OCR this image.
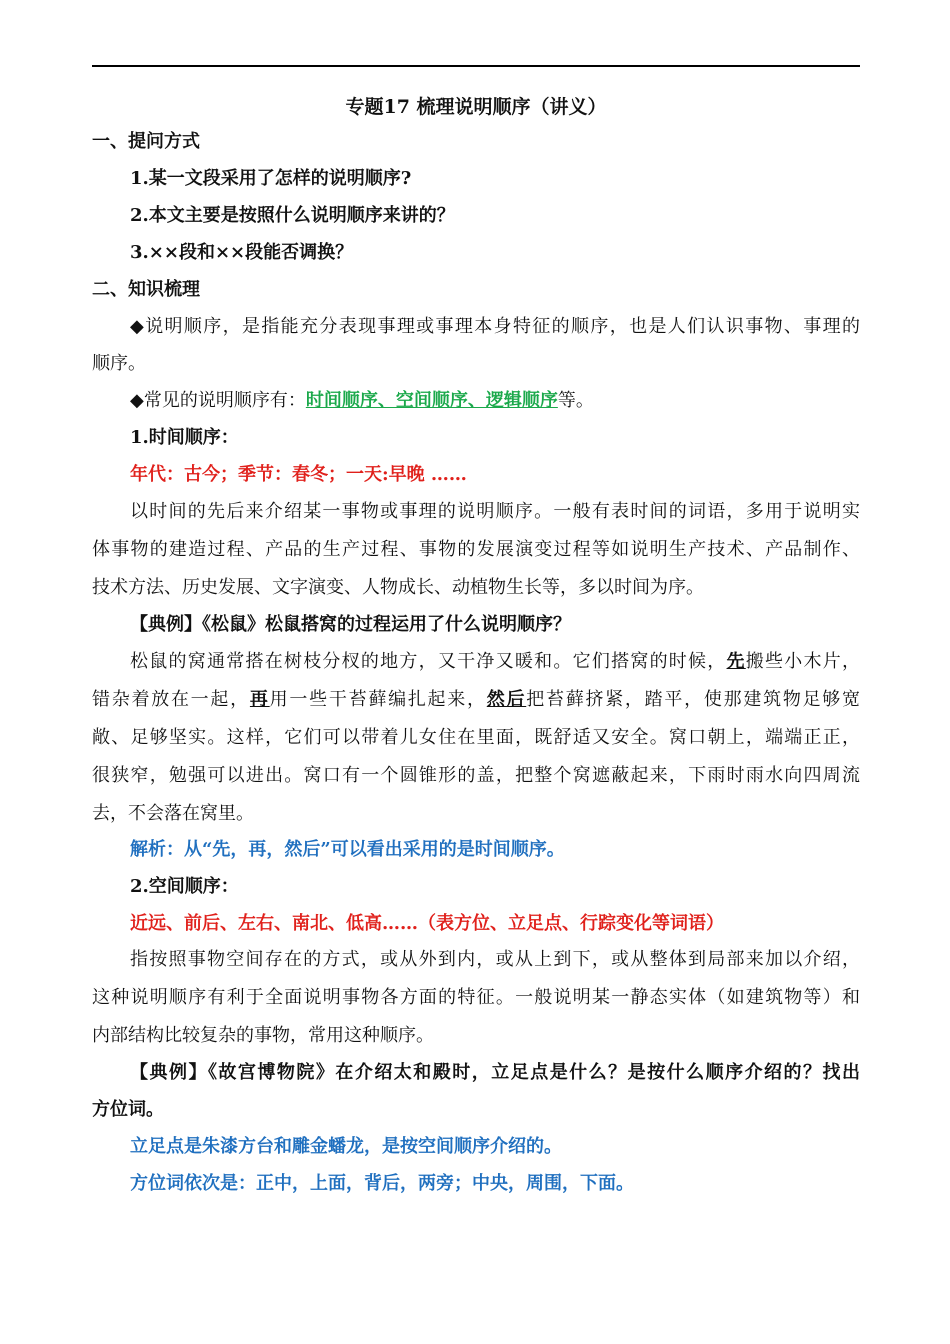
专题17 梳理说明顺序（讲义）
一、提问方式
1.某一文段采用了怎样的说明顺序?
2.本文主要是按照什么说明顺序来讲的？
3.××段和××段能否调换？
二、知识梳理
◆说明顺序，是指能充分表现事理或事理本身特征的顺序，也是人们认识事物、事理的
顺序。
◆常见的说明顺序有：时间顺序、空间顺序、逻辑顺序等。
1.时间顺序：
年代：古今；季节：春冬；一天:早晚 ……
以时间的先后来介绍某一事物或事理的说明顺序。一般有表时间的词语，多用于说明实
体事物的建造过程、产品的生产过程、事物的发展演变过程等如说明生产技术、产品制作、
技术方法、历史发展、文字演变、人物成长、动植物生长等，多以时间为序。
【典例】《松鼠》松鼠搭窝的过程运用了什么说明顺序？
松鼠的窝通常搭在树枝分杈的地方，又干净又暖和。它们搭窝的时候，先搬些小木片，
错杂着放在一起，再用一些干苔藓编扎起来，然后把苔藓挤紧，踏平，使那建筑物足够宽
敞、足够坚实。这样，它们可以带着儿女住在里面，既舒适又安全。窝口朝上，端端正正，
很狭窄，勉强可以进出。窝口有一个圆锥形的盖，把整个窝遮蔽起来，下雨时雨水向四周流
去，不会落在窝里。
解析：从“先，再，然后”可以看出采用的是时间顺序。
2.空间顺序：
近远、前后、左右、南北、低高……（表方位、立足点、行踪变化等词语）
指按照事物空间存在的方式，或从外到内，或从上到下，或从整体到局部来加以介绍，
这种说明顺序有利于全面说明事物各方面的特征。一般说明某一静态实体（如建筑物等）和
内部结构比较复杂的事物，常用这种顺序。
【典例】《故宫博物院》在介绍太和殿时，立足点是什么？是按什么顺序介绍的？找出
方位词。
立足点是朱漆方台和雕金蟠龙，是按空间顺序介绍的。
方位词依次是：正中，上面，背后，两旁；中央，周围，下面。
